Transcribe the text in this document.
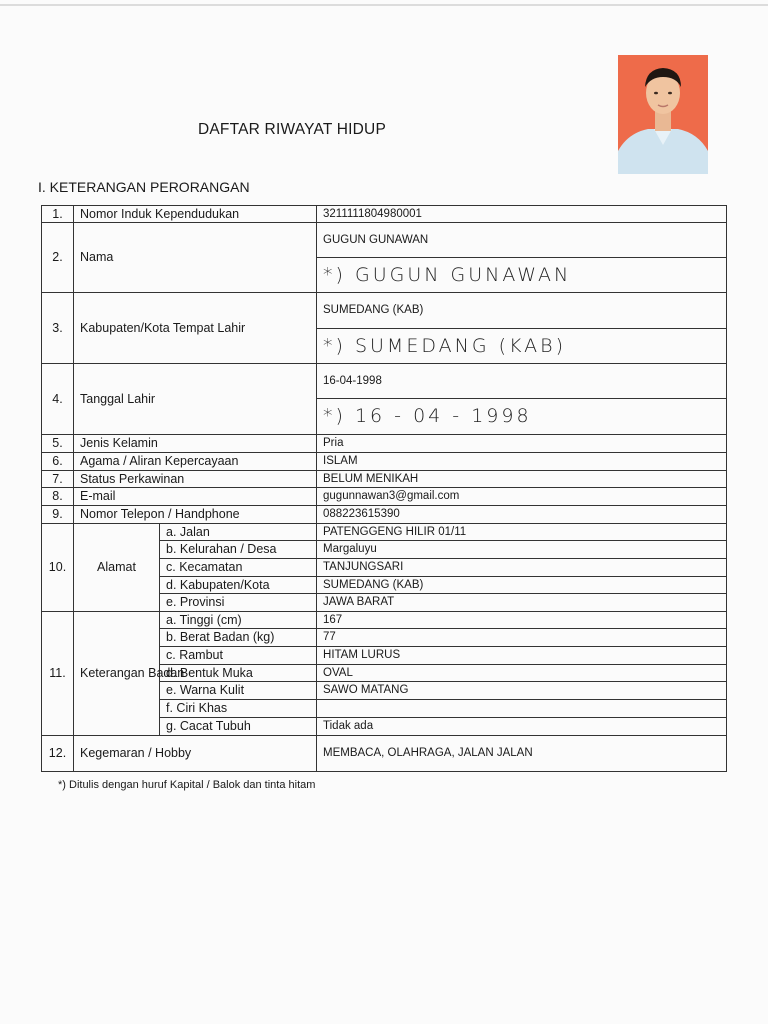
DAFTAR RIWAYAT HIDUP
I. KETERANGAN PERORANGAN
1.	Nomor Induk Kependudukan		3211111804980001
2.	Nama		GUGUN GUNAWAN
			*) GUGUN GUNAWAN
3.	Kabupaten/Kota Tempat Lahir		SUMEDANG (KAB)
			*) SUMEDANG (KAB)
4.	Tanggal Lahir		16-04-1998
			*) 16 - 04 - 1998
5.	Jenis Kelamin		Pria
6.	Agama / Aliran Kepercayaan		ISLAM
7.	Status Perkawinan		BELUM MENIKAH
8.	E-mail		gugunnawan3@gmail.com
9.	Nomor Telepon / Handphone		088223615390
10.	Alamat	a. Jalan	PATENGGENG HILIR 01/11
		b. Kelurahan / Desa	Margaluyu
		c. Kecamatan	TANJUNGSARI
		d. Kabupaten/Kota	SUMEDANG (KAB)
		e. Provinsi	JAWA BARAT
11.	Keterangan Badan	a. Tinggi (cm)	167
		b. Berat Badan (kg)	77
		c. Rambut	HITAM LURUS
		d. Bentuk Muka	OVAL
		e. Warna Kulit	SAWO MATANG
		f. Ciri Khas	
		g. Cacat Tubuh	Tidak ada
12.	Kegemaran / Hobby		MEMBACA, OLAHRAGA, JALAN JALAN
*) Ditulis dengan huruf Kapital / Balok dan tinta hitam
